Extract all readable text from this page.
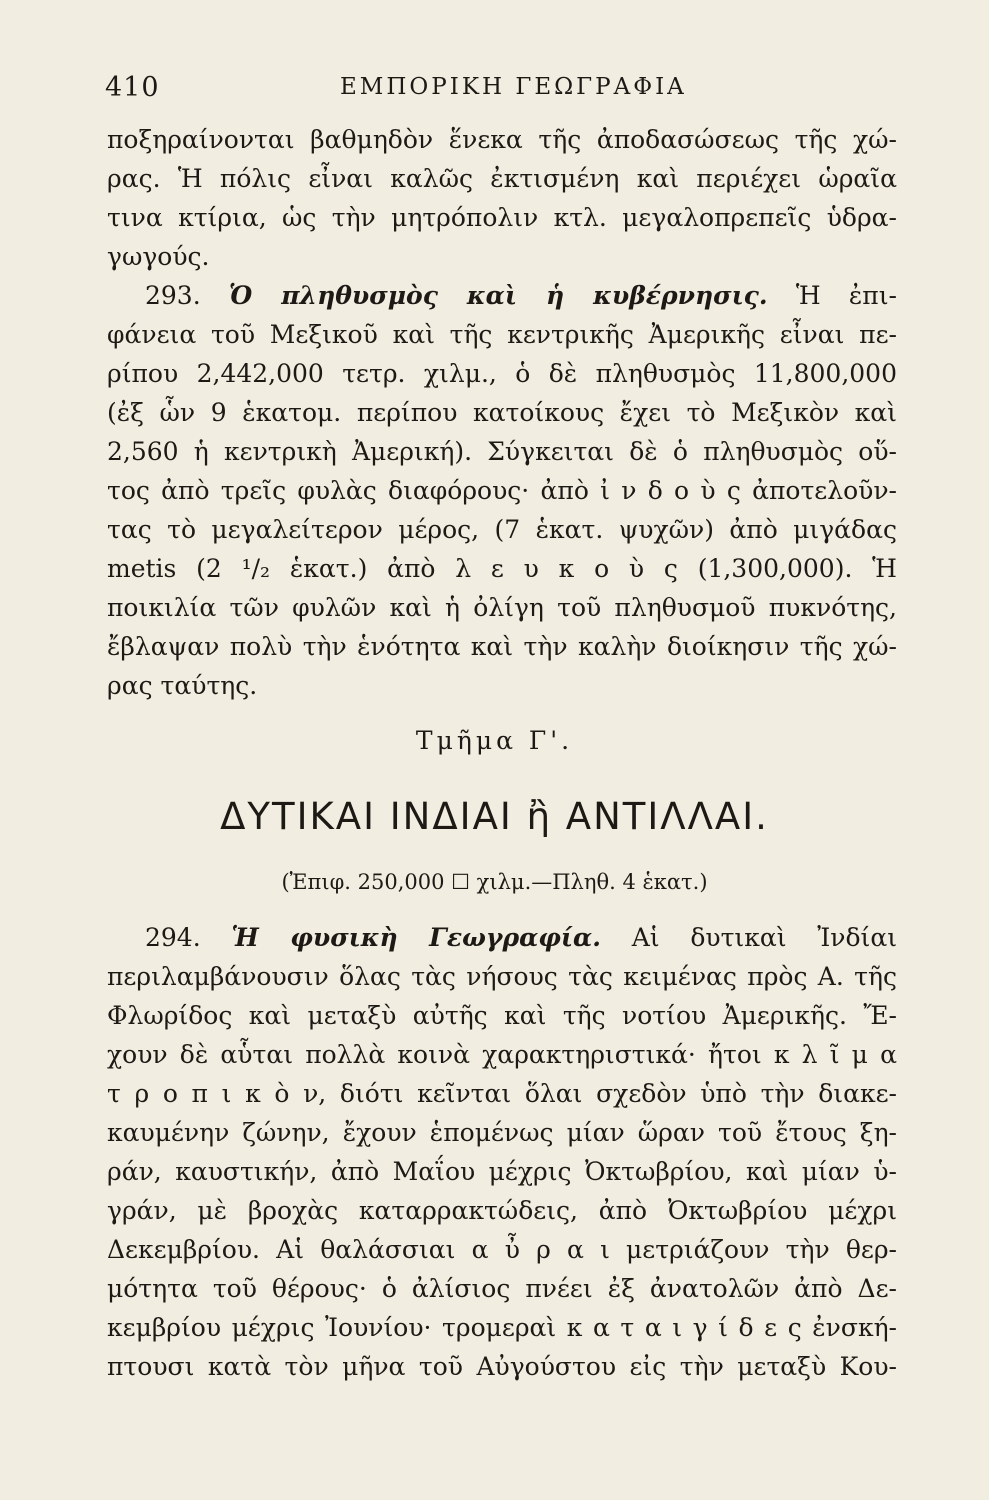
410	ΕΜΠΟΡΙΚΗ ΓΕΩΓΡΑΦΙΑ
ποξηραίνονται βαθμηδὸν ἕνεκα τῆς ἀποδασώσεως τῆς χώ-
ρας. Ἡ πόλις εἶναι καλῶς ἐκτισμένη καὶ περιέχει ὡραῖα
τινα κτίρια, ὡς τὴν μητρόπολιν κτλ. μεγαλοπρεπεῖς ὑδρα-
γωγούς.
293. Ὁ πληθυσμὸς καὶ ἡ κυβέρνησις. Ἡ ἐπι-
φάνεια τοῦ Μεξικοῦ καὶ τῆς κεντρικῆς Ἀμερικῆς εἶναι πε-
ρίπου 2,442,000 τετρ. χιλμ., ὁ δὲ πληθυσμὸς 11,800,000
(ἐξ ὧν 9 ἑκατομ. περίπου κατοίκους ἔχει τὸ Μεξικὸν καὶ
2,560 ἡ κεντρικὴ Ἀμερική). Σύγκειται δὲ ὁ πληθυσμὸς οὕ-
τος ἀπὸ τρεῖς φυλὰς διαφόρους· ἀπὸ ἰ ν δ ο ὺ ς ἀποτελοῦν-
τας τὸ μεγαλείτερον μέρος, (7 ἑκατ. ψυχῶν) ἀπὸ μιγάδας
metis (2 ¹/₂ ἑκατ.) ἀπὸ λ ε υ κ ο ὺ ς (1,300,000). Ἡ
ποικιλία τῶν φυλῶν καὶ ἡ ὀλίγη τοῦ πληθυσμοῦ πυκνότης,
ἔβλαψαν πολὺ τὴν ἑνότητα καὶ τὴν καλὴν διοίκησιν τῆς χώ-
ρας ταύτης.
Τμῆμα Γ'.
ΔΥΤΙΚΑΙ ΙΝΔΙΑΙ ἢ ΑΝΤΙΛΛΑΙ.
(Ἐπιφ. 250,000 ☐ χιλμ.—Πληθ. 4 ἑκατ.)
294. Ἡ φυσικὴ Γεωγραφία. Αἱ δυτικαὶ Ἰνδίαι
περιλαμβάνουσιν ὅλας τὰς νήσους τὰς κειμένας πρὸς Α. τῆς
Φλωρίδος καὶ μεταξὺ αὐτῆς καὶ τῆς νοτίου Ἀμερικῆς. Ἔ-
χουν δὲ αὗται πολλὰ κοινὰ χαρακτηριστικά· ἤτοι κ λ ῖ μ α
τ ρ ο π ι κ ὸ ν, διότι κεῖνται ὅλαι σχεδὸν ὑπὸ τὴν διακε-
καυμένην ζώνην, ἔχουν ἑπομένως μίαν ὥραν τοῦ ἔτους ξη-
ράν, καυστικήν, ἀπὸ Μαΐου μέχρις Ὀκτωβρίου, καὶ μίαν ὑ-
γράν, μὲ βροχὰς καταρρακτώδεις, ἀπὸ Ὀκτωβρίου μέχρι
Δεκεμβρίου. Αἱ θαλάσσιαι α ὖ ρ α ι μετριάζουν τὴν θερ-
μότητα τοῦ θέρους· ὁ ἀλίσιος πνέει ἐξ ἀνατολῶν ἀπὸ Δε-
κεμβρίου μέχρις Ἰουνίου· τρομεραὶ κ α τ α ι γ ί δ ε ς ἐνσκή-
πτουσι κατὰ τὸν μῆνα τοῦ Αὐγούστου εἰς τὴν μεταξὺ Κου-
